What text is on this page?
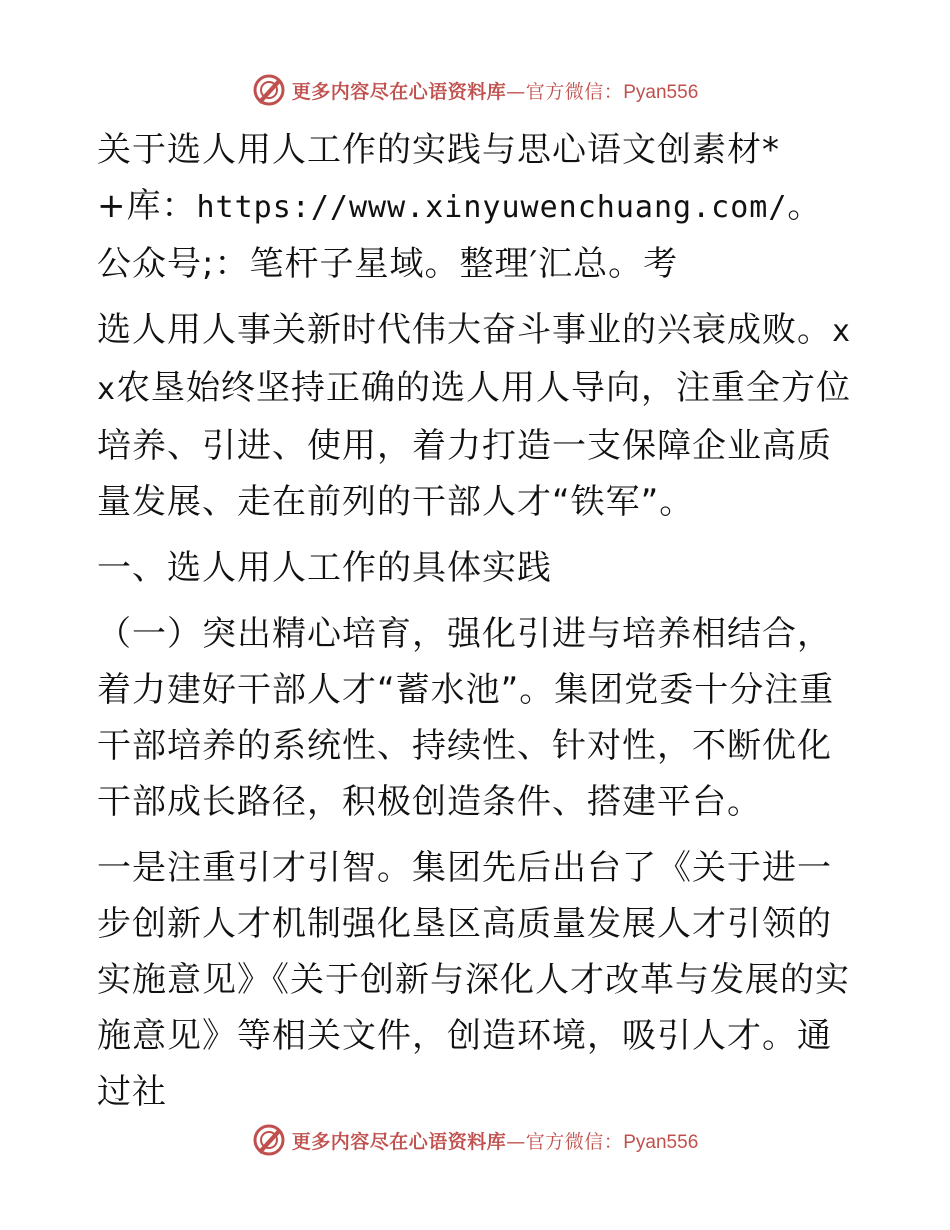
更多内容尽在心语资料库—官方微信：Pyan556

关于选人用人工作的实践与思心语文创素材*+库：https://www.xinyuwenchuang.com/。公众号;：笔杆子星域。整理′汇总。考

选人用人事关新时代伟大奋斗事业的兴衰成败。xx农垦始终坚持正确的选人用人导向，注重全方位培养、引进、使用，着力打造一支保障企业高质量发展、走在前列的干部人才“铁军”。

一、选人用人工作的具体实践

（一）突出精心培育，强化引进与培养相结合，着力建好干部人才“蓄水池”。集团党委十分注重干部培养的系统性、持续性、针对性，不断优化干部成长路径，积极创造条件、搭建平台。

一是注重引才引智。集团先后出台了《关于进一步创新人才机制强化垦区高质量发展人才引领的实施意见》《关于创新与深化人才改革与发展的实施意见》等相关文件，创造环境，吸引人才。通过社

更多内容尽在心语资料库—官方微信：Pyan556
